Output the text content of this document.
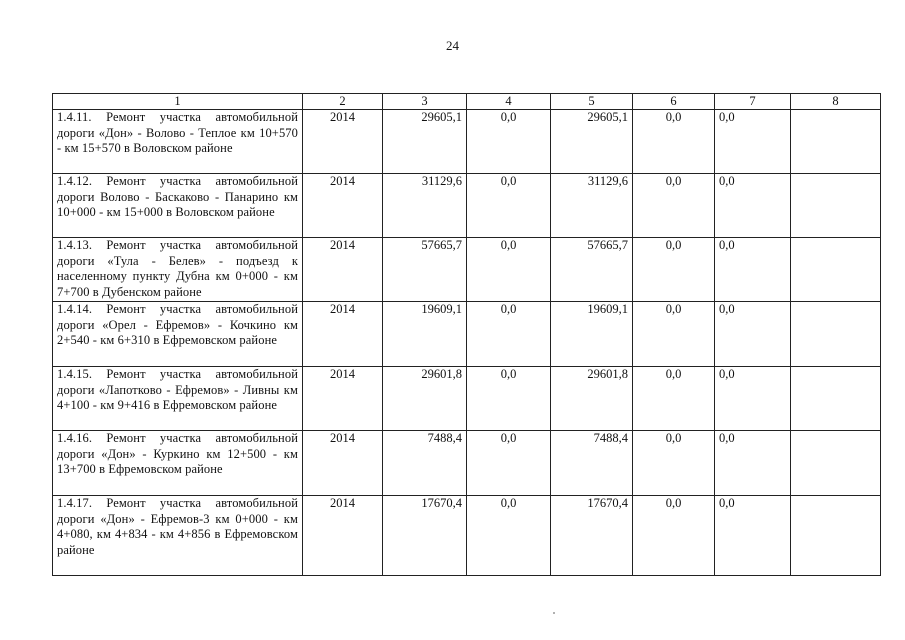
24
1	2	3	4	5	6	7	8
1.4.11. Ремонт участка автомобильной дороги «Дон» - Волово - Теплое км 10+570 - км 15+570 в Воловском районе	2014	29605,1	0,0	29605,1	0,0	0,0	
1.4.12. Ремонт участка автомобильной дороги Волово - Баскаково - Панарино км 10+000 - км 15+000 в Воловском районе	2014	31129,6	0,0	31129,6	0,0	0,0	
1.4.13. Ремонт участка автомобильной дороги «Тула - Белев» - подъезд к населенному пункту Дубна км 0+000 - км 7+700 в Дубенском районе	2014	57665,7	0,0	57665,7	0,0	0,0	
1.4.14. Ремонт участка автомобильной дороги «Орел - Ефремов» - Кочкино км 2+540 - км 6+310 в Ефремовском районе	2014	19609,1	0,0	19609,1	0,0	0,0	
1.4.15. Ремонт участка автомобильной дороги «Лапотково - Ефремов» - Ливны км 4+100 - км 9+416 в Ефремовском районе	2014	29601,8	0,0	29601,8	0,0	0,0	
1.4.16. Ремонт участка автомобильной дороги «Дон» - Куркино км 12+500 - км 13+700 в Ефремовском районе	2014	7488,4	0,0	7488,4	0,0	0,0	
1.4.17. Ремонт участка автомобильной дороги «Дон» - Ефремов-3 км 0+000 - км 4+080, км 4+834 - км 4+856 в Ефремовском районе	2014	17670,4	0,0	17670,4	0,0	0,0	
